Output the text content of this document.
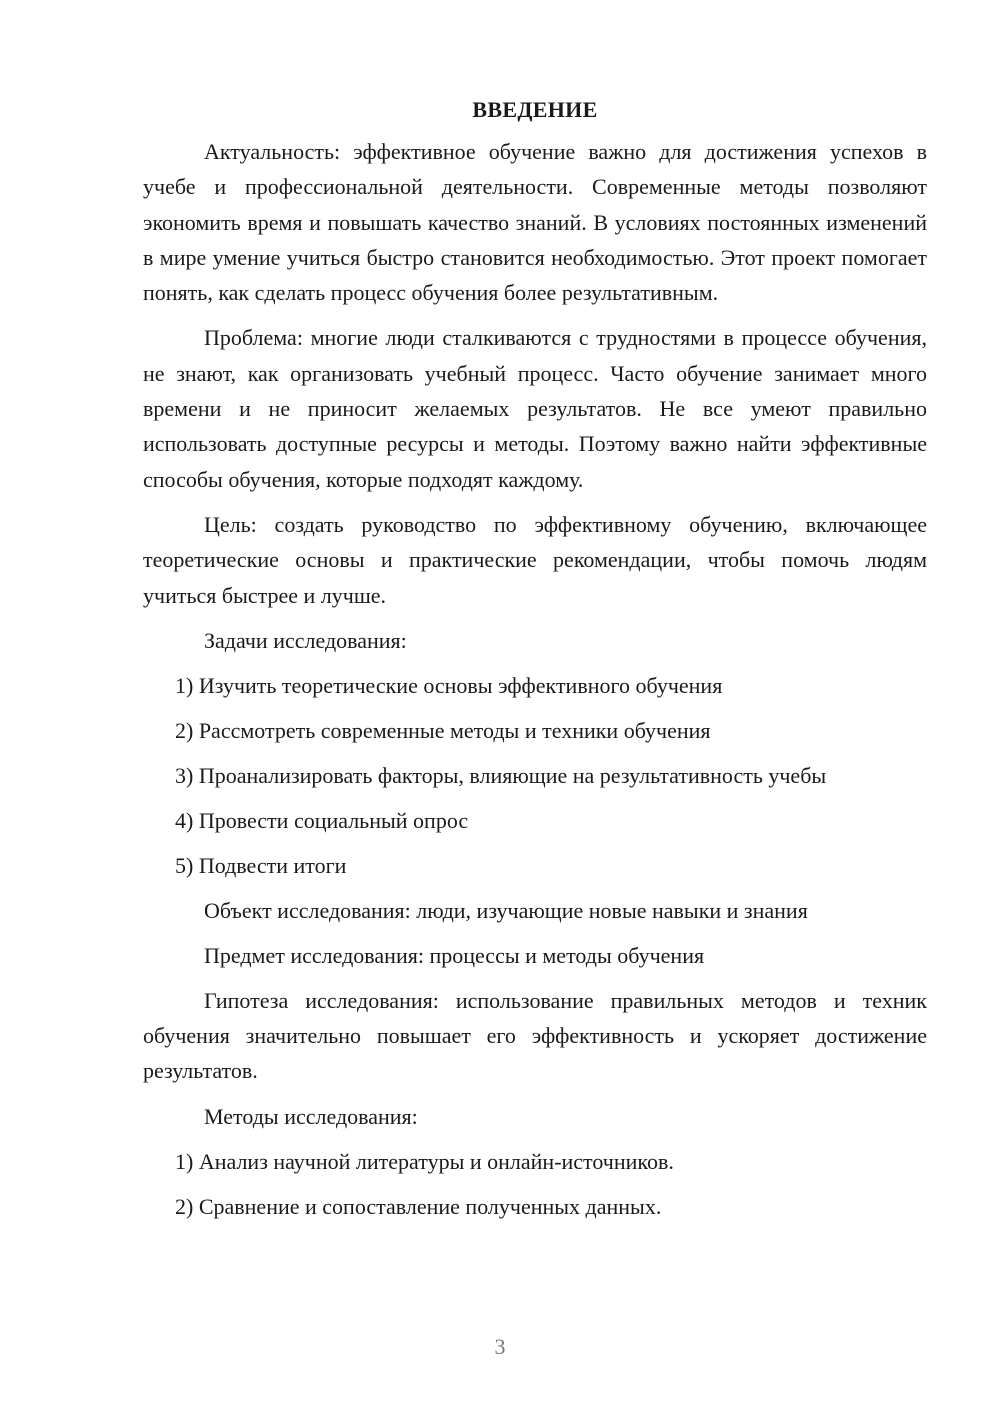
ВВЕДЕНИЕ

Актуальность: эффективное обучение важно для достижения успехов в учебе и профессиональной деятельности. Современные методы позволяют экономить время и повышать качество знаний. В условиях постоянных изменений в мире умение учиться быстро становится необходимостью. Этот проект помогает понять, как сделать процесс обучения более результативным.

Проблема: многие люди сталкиваются с трудностями в процессе обучения, не знают, как организовать учебный процесс. Часто обучение занимает много времени и не приносит желаемых результатов. Не все умеют правильно использовать доступные ресурсы и методы. Поэтому важно найти эффективные способы обучения, которые подходят каждому.

Цель: создать руководство по эффективному обучению, включающее теоретические основы и практические рекомендации, чтобы помочь людям учиться быстрее и лучше.

Задачи исследования:
1) Изучить теоретические основы эффективного обучения
2) Рассмотреть современные методы и техники обучения
3) Проанализировать факторы, влияющие на результативность учебы
4) Провести социальный опрос
5) Подвести итоги
Объект исследования: люди, изучающие новые навыки и знания
Предмет исследования: процессы и методы обучения

Гипотеза исследования: использование правильных методов и техник обучения значительно повышает его эффективность и ускоряет достижение результатов.

Методы исследования:
1) Анализ научной литературы и онлайн-источников.
2) Сравнение и сопоставление полученных данных.
3
